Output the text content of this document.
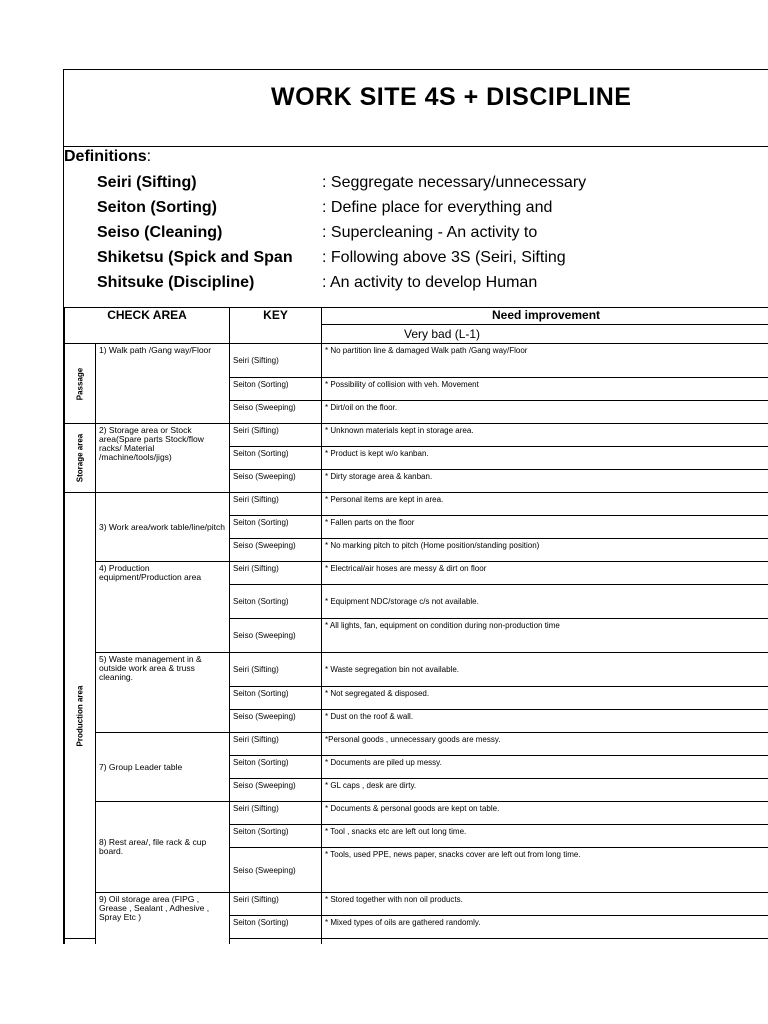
WORK SITE 4S + DISCIPLINE
Definitions:
Seiri (Sifting)	: Seggregate necessary/unnecessary
Seiton (Sorting)	: Define place for everything and
Seiso (Cleaning)	: Supercleaning - An activity to
Shiketsu (Spick and Span : Following above 3S (Seiri, Sifting
Shitsuke (Discipline)	: An activity to develop Human
CHECK AREA		KEY	Need improvement
			Very bad (L-1)

Passage	1) Walk path /Gang way/Floor	Seiri (Sifting)	* No partition line & damaged Walk path /Gang way/Floor
		Seiton (Sorting)	* Possibility of collision with veh. Movement
		Seiso (Sweeping)	* Dirt/oil on the floor.

Storage area	2) Storage area or Stock area(Spare parts Stock/flow racks/ Material /machine/tools/jigs)	Seiri (Sifting)	* Unknown materials kept in storage area.
		Seiton (Sorting)	* Product is kept w/o kanban.
		Seiso (Sweeping)	* Dirty storage area & kanban.

Production area	3) Work area/work table/line/pitch	Seiri (Sifting)	* Personal items are kept in area.
		Seiton (Sorting)	* Fallen parts on the floor
		Seiso (Sweeping)	* No marking pitch to pitch (Home position/standing position)
	4) Production equipment/Production area	Seiri (Sifting)	* Electrical/air hoses are messy & dirt on floor
		Seiton (Sorting)	* Equipment NDC/storage c/s not available.
		Seiso (Sweeping)	* All lights, fan, equipment on condition during non-production time
	5) Waste management in & outside work area & truss cleaning.	Seiri (Sifting)	* Waste segregation bin not available.
		Seiton (Sorting)	* Not segregated & disposed.
		Seiso (Sweeping)	* Dust on the roof & wall.
	7) Group Leader table	Seiri (Sifting)	*Personal goods , unnecessary goods are messy.
		Seiton (Sorting)	* Documents are piled up messy.
		Seiso (Sweeping)	* GL caps , desk are dirty.
	8) Rest area/, file rack & cup board.	Seiri (Sifting)	* Documents & personal goods are kept on table.
		Seiton (Sorting)	* Tool , snacks etc are left out long time.
		Seiso (Sweeping)	* Tools, used PPE, news paper, snacks cover are left out from long time.
	9) Oil storage area (FIPG , Grease , Sealant , Adhesive , Spray Etc )	Seiri (Sifting)	* Stored together with non oil products.
		Seiton (Sorting)	* Mixed types of oils are gathered randomly.
